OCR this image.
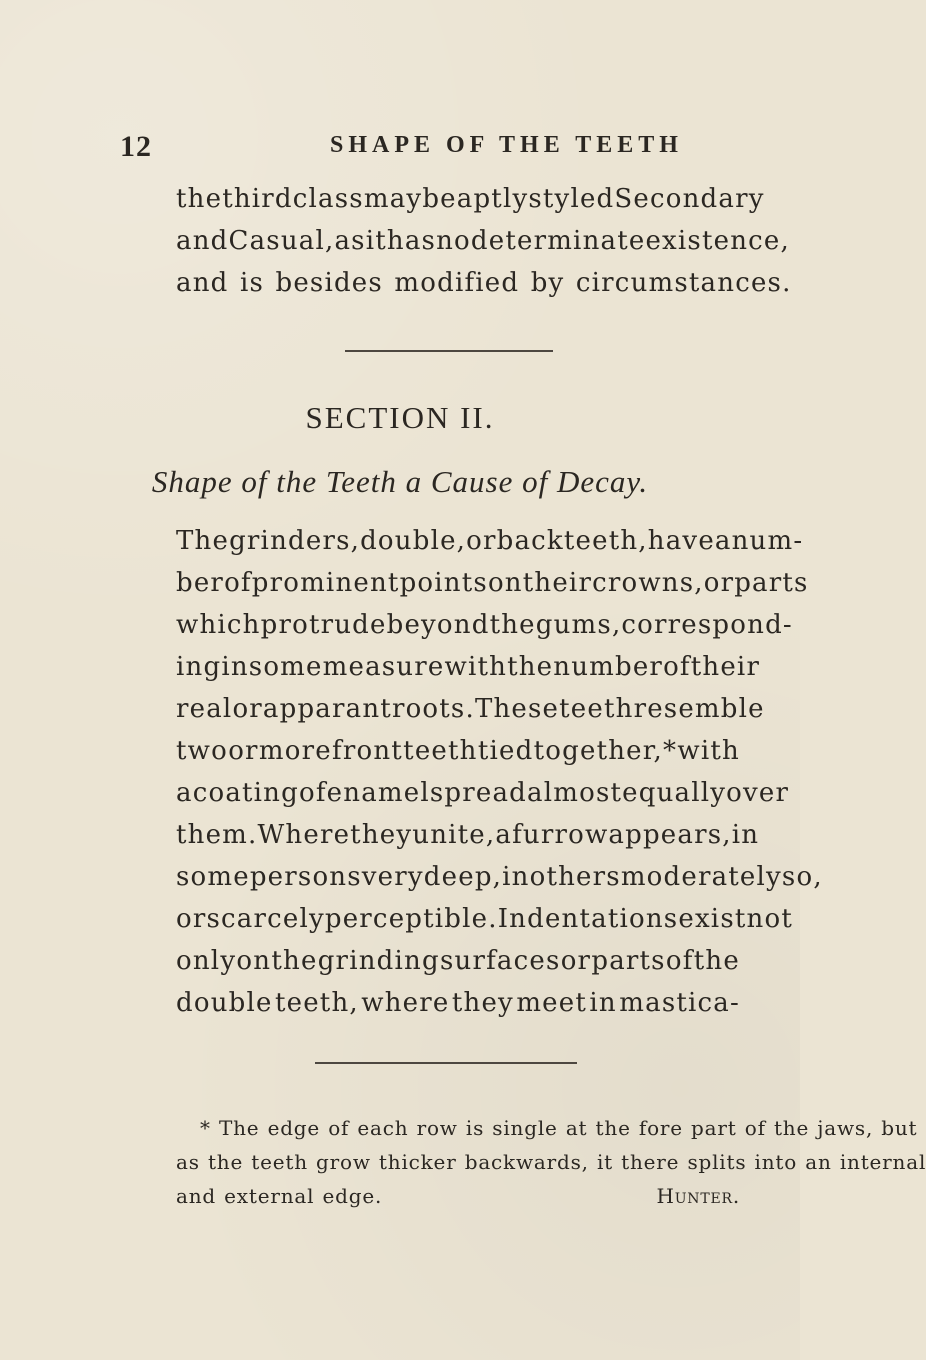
12	SHAPE OF THE TEETH
the third class may be aptly styled Secondary
and Casual, as it has no determinate existence,
and is besides modified by circumstances.
SECTION II.
Shape of the Teeth a Cause of Decay.
The grinders, double, or back teeth, have a num-
ber of prominent points on their crowns, or parts
which protrude beyond the gums, correspond-
ing in some measure with the number of their
real or apparant roots. These teeth resemble
two or more front teeth tied together,* with
a coating of enamel spread almost equally over
them. Where they unite, a furrow appears, in
some persons very deep, in others moderately so,
or scarcely perceptible. Indentations exist not
only on the grinding surfaces or parts of the
double teeth, where they meet in mastica-
* The edge of each row is single at the fore part of the jaws, but
as the teeth grow thicker backwards, it there splits into an internal
and external edge.	Hunter.
